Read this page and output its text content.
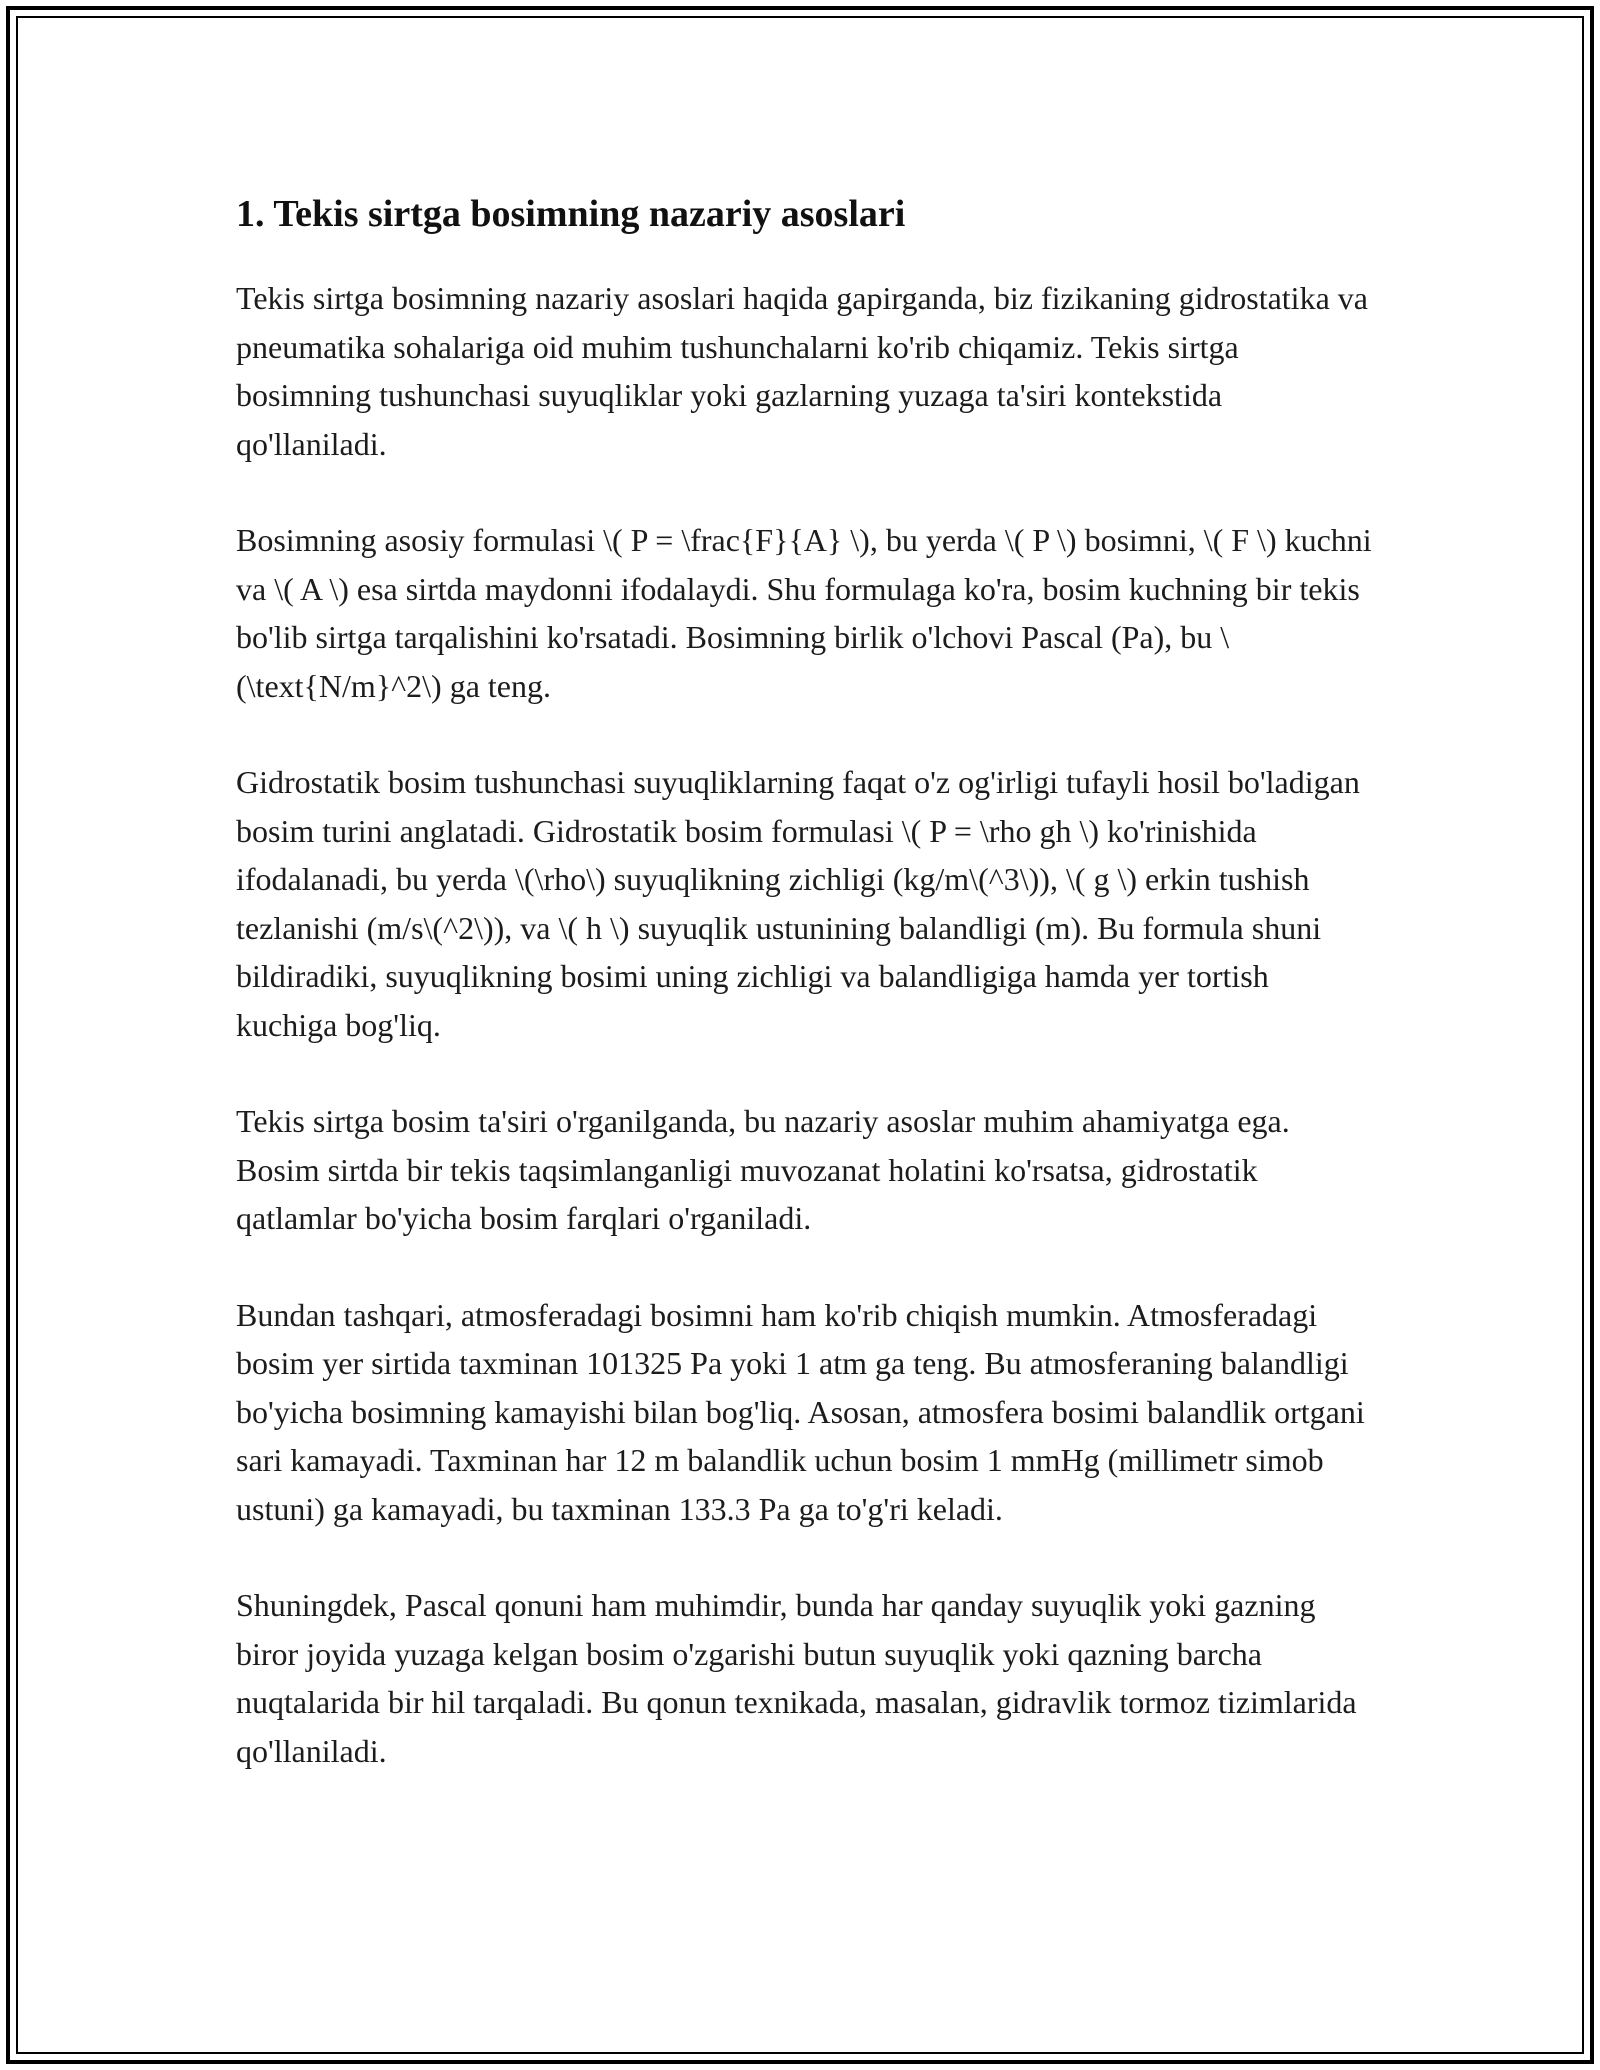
1. Tekis sirtga bosimning nazariy asoslari

Tekis sirtga bosimning nazariy asoslari haqida gapirganda, biz fizikaning gidrostatika va pneumatika sohalariga oid muhim tushunchalarni ko'rib chiqamiz. Tekis sirtga bosimning tushunchasi suyuqliklar yoki gazlarning yuzaga ta'siri kontekstida qo'llaniladi.

Bosimning asosiy formulasi \( P = \frac{F}{A} \), bu yerda \( P \) bosimni, \( F \) kuchni va \( A \) esa sirtda maydonni ifodalaydi. Shu formulaga ko'ra, bosim kuchning bir tekis bo'lib sirtga tarqalishini ko'rsatadi. Bosimning birlik o'lchovi Pascal (Pa), bu \(\text{N/m}^2\) ga teng.

Gidrostatik bosim tushunchasi suyuqliklarning faqat o'z og'irligi tufayli hosil bo'ladigan bosim turini anglatadi. Gidrostatik bosim formulasi \( P = \rho gh \) ko'rinishida ifodalanadi, bu yerda \(\rho\) suyuqlikning zichligi (kg/m\(^3\)), \( g \) erkin tushish tezlanishi (m/s\(^2\)), va \( h \) suyuqlik ustunining balandligi (m). Bu formula shuni bildiradiki, suyuqlikning bosimi uning zichligi va balandligiga hamda yer tortish kuchiga bog'liq.

Tekis sirtga bosim ta'siri o'rganilganda, bu nazariy asoslar muhim ahamiyatga ega. Bosim sirtda bir tekis taqsimlanganligi muvozanat holatini ko'rsatsa, gidrostatik qatlamlar bo'yicha bosim farqlari o'rganiladi.

Bundan tashqari, atmosferadagi bosimni ham ko'rib chiqish mumkin. Atmosferadagi bosim yer sirtida taxminan 101325 Pa yoki 1 atm ga teng. Bu atmosferaning balandligi bo'yicha bosimning kamayishi bilan bog'liq. Asosan, atmosfera bosimi balandlik ortgani sari kamayadi. Taxminan har 12 m balandlik uchun bosim 1 mmHg (millimetr simob ustuni) ga kamayadi, bu taxminan 133.3 Pa ga to'g'ri keladi.

Shuningdek, Pascal qonuni ham muhimdir, bunda har qanday suyuqlik yoki gazning biror joyida yuzaga kelgan bosim o'zgarishi butun suyuqlik yoki qazning barcha nuqtalarida bir hil tarqaladi. Bu qonun texnikada, masalan, gidravlik tormoz tizimlarida qo'llaniladi.
